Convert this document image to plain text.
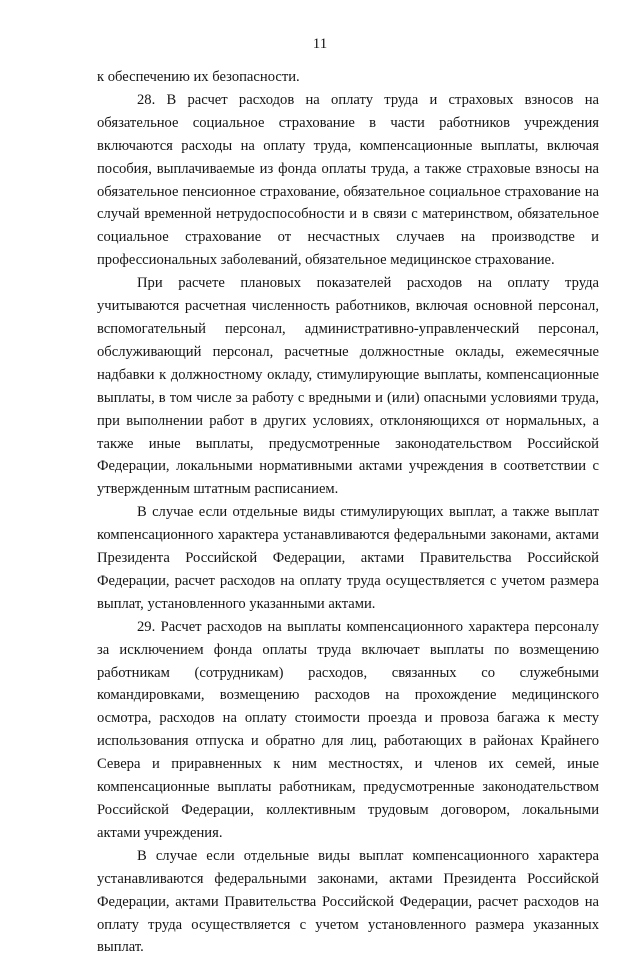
11

к обеспечению их безопасности.

28. В расчет расходов на оплату труда и страховых взносов на обязательное социальное страхование в части работников учреждения включаются расходы на оплату труда, компенсационные выплаты, включая пособия, выплачиваемые из фонда оплаты труда, а также страховые взносы на обязательное пенсионное страхование, обязательное социальное страхование на случай временной нетрудоспособности и в связи с материнством, обязательное социальное страхование от несчастных случаев на производстве и профессиональных заболеваний, обязательное медицинское страхование.

При расчете плановых показателей расходов на оплату труда учитываются расчетная численность работников, включая основной персонал, вспомогательный персонал, административно-управленческий персонал, обслуживающий персонал, расчетные должностные оклады, ежемесячные надбавки к должностному окладу, стимулирующие выплаты, компенсационные выплаты, в том числе за работу с вредными и (или) опасными условиями труда, при выполнении работ в других условиях, отклоняющихся от нормальных, а также иные выплаты, предусмотренные законодательством Российской Федерации, локальными нормативными актами учреждения в соответствии с утвержденным штатным расписанием.

В случае если отдельные виды стимулирующих выплат, а также выплат компенсационного характера устанавливаются федеральными законами, актами Президента Российской Федерации, актами Правительства Российской Федерации, расчет расходов на оплату труда осуществляется с учетом размера выплат, установленного указанными актами.

29. Расчет расходов на выплаты компенсационного характера персоналу за исключением фонда оплаты труда включает выплаты по возмещению работникам (сотрудникам) расходов, связанных со служебными командировками, возмещению расходов на прохождение медицинского осмотра, расходов на оплату стоимости проезда и провоза багажа к месту использования отпуска и обратно для лиц, работающих в районах Крайнего Севера и приравненных к ним местностях, и членов их семей, иные компенсационные выплаты работникам, предусмотренные законодательством Российской Федерации, коллективным трудовым договором, локальными актами учреждения.

В случае если отдельные виды выплат компенсационного характера устанавливаются федеральными законами, актами Президента Российской Федерации, актами Правительства Российской Федерации, расчет расходов на оплату труда осуществляется с учетом установленного размера указанных выплат.
